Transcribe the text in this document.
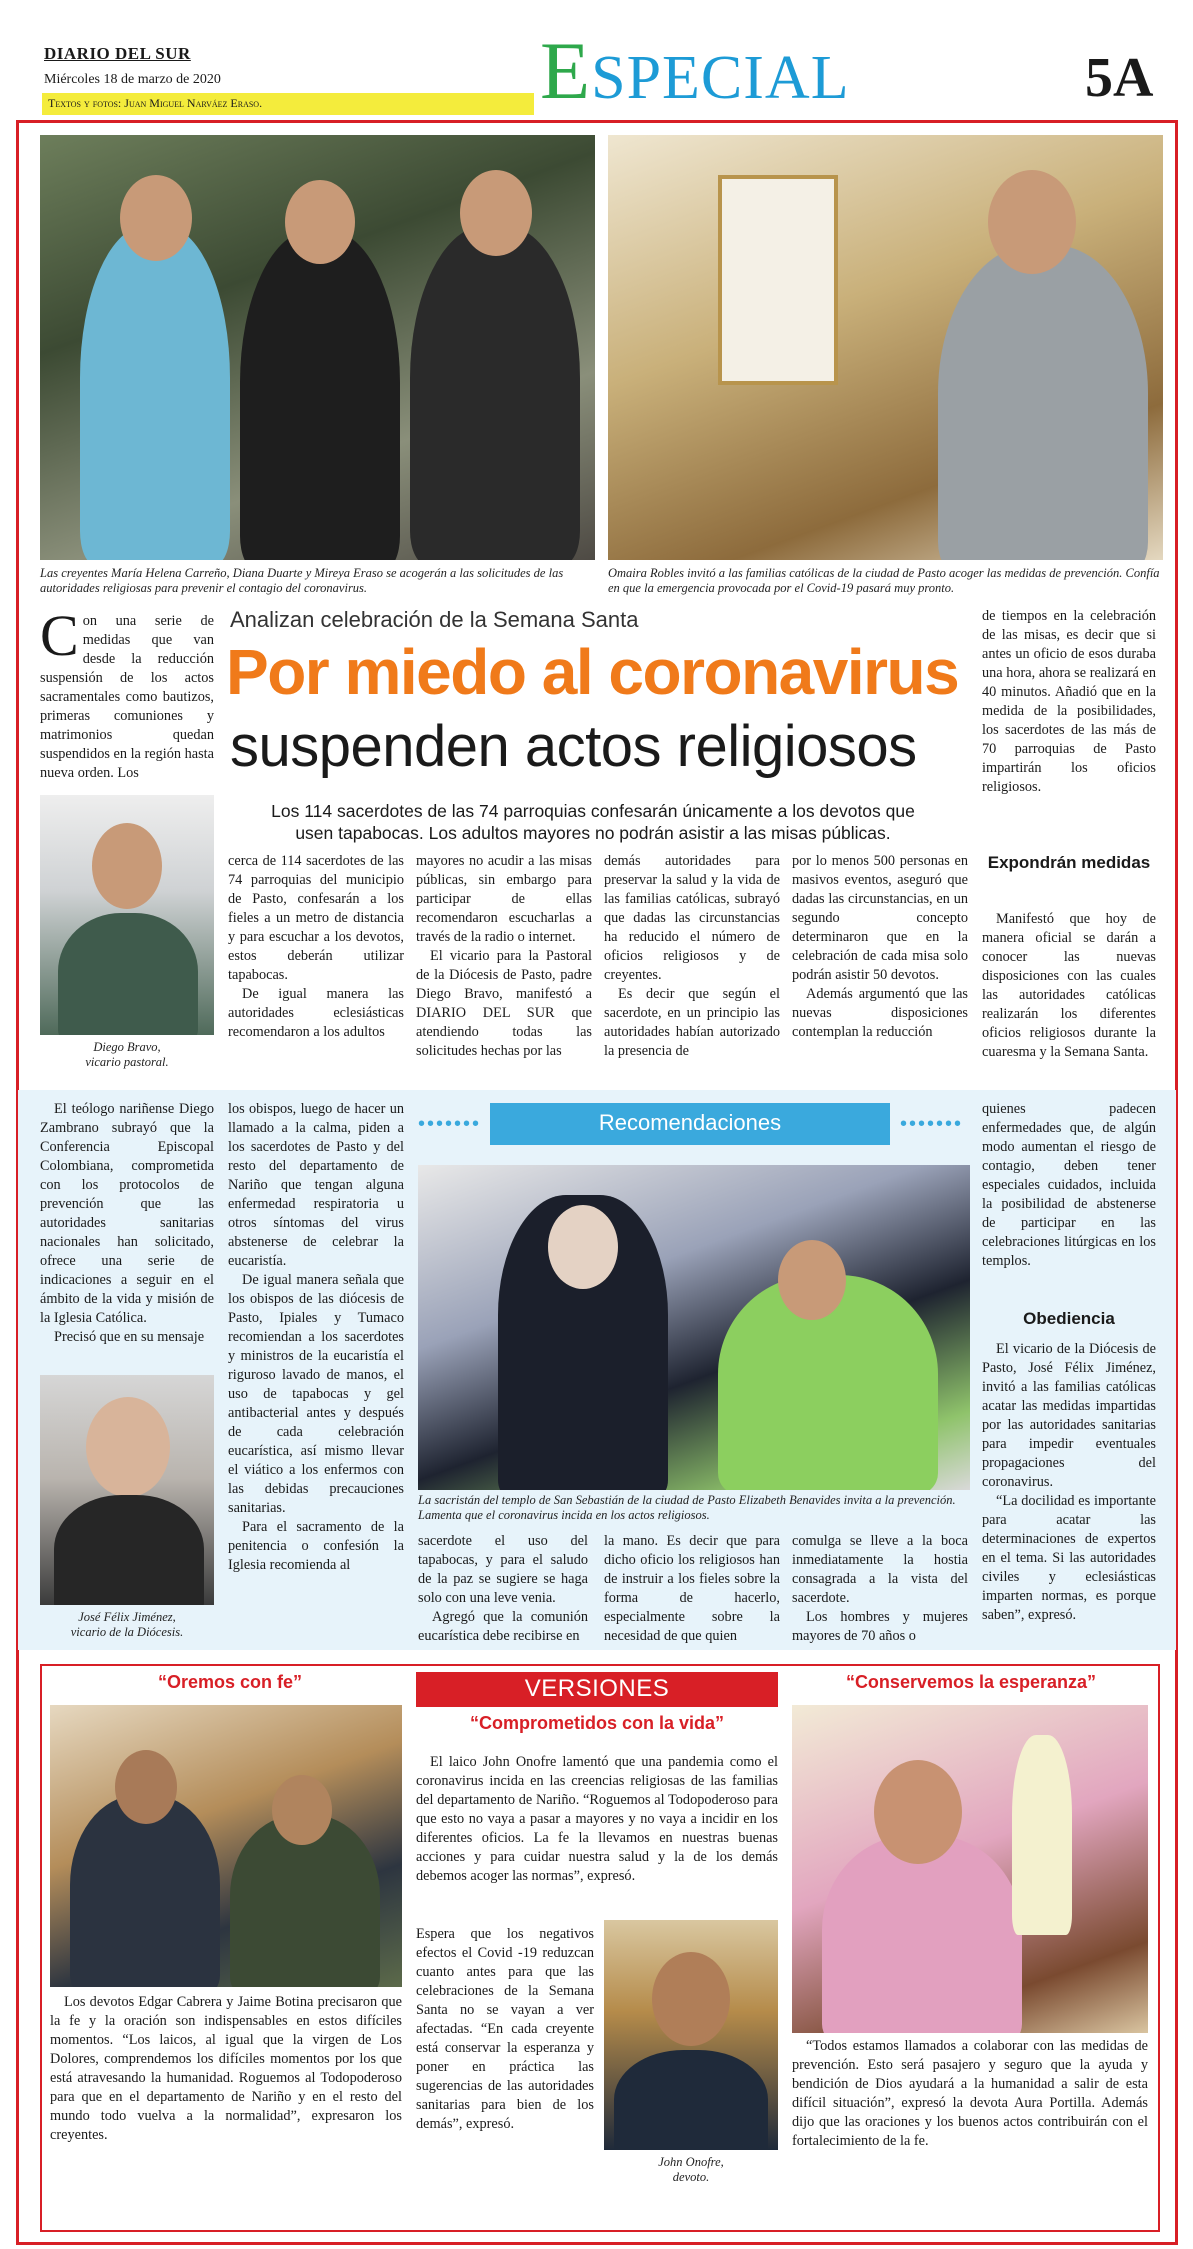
DIARIO DEL SUR
Miércoles 18 de marzo de 2020
Textos y fotos: Juan Miguel Narváez Eraso.	ESPECIAL	5A
Las creyentes María Helena Carreño, Diana Duarte y Mireya Eraso se acogerán a las solicitudes de las autoridades religiosas para prevenir el contagio del coronavirus.
Omaira Robles invitó a las familias católicas de la ciudad de Pasto acoger las medidas de prevención. Confía en que la emergencia provocada por el Covid-19 pasará muy pronto.
Con una serie de medidas que van desde la reducción suspensión de los actos sacramentales como bautizos, primeras comuniones y matrimonios quedan suspendidos en la región hasta nueva orden. Los
Diego Bravo,
vicario pastoral.
Analizan celebración de la Semana Santa
Por miedo al coronavirus
suspenden actos religiosos
Los 114 sacerdotes de las 74 parroquias confesarán únicamente a los devotos que usen tapabocas. Los adultos mayores no podrán asistir a las misas públicas.

cerca de 114 sacerdotes de las 74 parroquias del municipio de Pasto, confesarán a los fieles a un metro de distancia y para escuchar a los devotos, estos deberán utilizar tapabocas.

De igual manera las autoridades eclesiásticas recomendaron a los adultos

mayores no acudir a las misas públicas, sin embargo para participar de ellas recomendaron escucharlas a través de la radio o internet.

El vicario para la Pastoral de la Diócesis de Pasto, padre Diego Bravo, manifestó a DIARIO DEL SUR que atendiendo todas las solicitudes hechas por las

demás autoridades para preservar la salud y la vida de las familias católicas, subrayó que dadas las circunstancias ha reducido el número de oficios religiosos y de creyentes.

Es decir que según el sacerdote, en un principio las autoridades habían autorizado la presencia de

por lo menos 500 personas en masivos eventos, aseguró que dadas las circunstancias, en un segundo concepto determinaron que en la celebración de cada misa solo podrán asistir 50 devotos.

Además argumentó que las nuevas disposiciones contemplan la reducción

de tiempos en la celebración de las misas, es decir que si antes un oficio de esos duraba una hora, ahora se realizará en 40 minutos. Añadió que en la medida de la posibilidades, los sacerdotes de las más de 70 parroquias de Pasto impartirán los oficios religiosos.
Expondrán medidas

Manifestó que hoy de manera oficial se darán a conocer las nuevas disposiciones con las cuales las autoridades católicas realizarán los diferentes oficios religiosos durante la cuaresma y la Semana Santa.

•••••••	Recomendaciones	•••••••

El teólogo nariñense Diego Zambrano subrayó que la Conferencia Episcopal Colombiana, comprometida con los protocolos de prevención que las autoridades sanitarias nacionales han solicitado, ofrece una serie de indicaciones a seguir en el ámbito de la vida y misión de la Iglesia Católica.

Precisó que en su mensaje

José Félix Jiménez,
vicario de la Diócesis.

los obispos, luego de hacer un llamado a la calma, piden a los sacerdotes de Pasto y del resto del departamento de Nariño que tengan alguna enfermedad respiratoria u otros síntomas del virus abstenerse de celebrar la eucaristía.

De igual manera señala que los obispos de las diócesis de Pasto, Ipiales y Tumaco recomiendan a los sacerdotes y ministros de la eucaristía el riguroso lavado de manos, el uso de tapabocas y gel antibacterial antes y después de cada celebración eucarística, así mismo llevar el viático a los enfermos con las debidas precauciones sanitarias.

Para el sacramento de la penitencia o confesión la Iglesia recomienda al

La sacristán del templo de San Sebastián de la ciudad de Pasto Elizabeth Benavides invita a la prevención. Lamenta que el coronavirus incida en los actos religiosos.

sacerdote el uso del tapabocas, y para el saludo de la paz se sugiere se haga solo con una leve venia.

Agregó que la comunión eucarística debe recibirse en

la mano. Es decir que para dicho oficio los religiosos han de instruir a los fieles sobre la forma de hacerlo, especialmente sobre la necesidad de que quien

comulga se lleve a la boca inmediatamente la hostia consagrada a la vista del sacerdote.

Los hombres y mujeres mayores de 70 años o

quienes padecen enfermedades que, de algún modo aumentan el riesgo de contagio, deben tener especiales cuidados, incluida la posibilidad de abstenerse de participar en las celebraciones litúrgicas en los templos.
Obediencia

El vicario de la Diócesis de Pasto, José Félix Jiménez, invitó a las familias católicas acatar las medidas impartidas por las autoridades sanitarias para impedir eventuales propagaciones del coronavirus.

“La docilidad es importante para acatar las determinaciones de expertos en el tema. Si las autoridades civiles y eclesiásticas imparten normas, es porque saben”, expresó.

VERSIONES
“Oremos con fe”

Los devotos Edgar Cabrera y Jaime Botina precisaron que la fe y la oración son indispensables en estos difíciles momentos. “Los laicos, al igual que la virgen de Los Dolores, comprendemos los difíciles momentos por los que está atravesando la humanidad. Roguemos al Todopoderoso para que en el departamento de Nariño y en el resto del mundo todo vuelva a la normalidad”, expresaron los creyentes.

“Comprometidos con la vida”

El laico John Onofre lamentó que una pandemia como el coronavirus incida en las creencias religiosas de las familias del departamento de Nariño. “Roguemos al Todopoderoso para que esto no vaya a pasar a mayores y no vaya a incidir en los diferentes oficios. La fe la llevamos en nuestras buenas acciones y para cuidar nuestra salud y la de los demás debemos acoger las normas”, expresó.

Espera que los negativos efectos el Covid -19 reduzcan cuanto antes para que las celebraciones de la Semana Santa no se vayan a ver afectadas. “En cada creyente está conservar la esperanza y poner en práctica las sugerencias de las autoridades sanitarias para bien de los demás”, expresó.

John Onofre,
devoto.
“Conservemos la esperanza”

“Todos estamos llamados a colaborar con las medidas de prevención. Esto será pasajero y seguro que la ayuda y bendición de Dios ayudará a la humanidad a salir de esta difícil situación”, expresó la devota Aura Portilla. Además dijo que las oraciones y los buenos actos contribuirán con el fortalecimiento de la fe.
